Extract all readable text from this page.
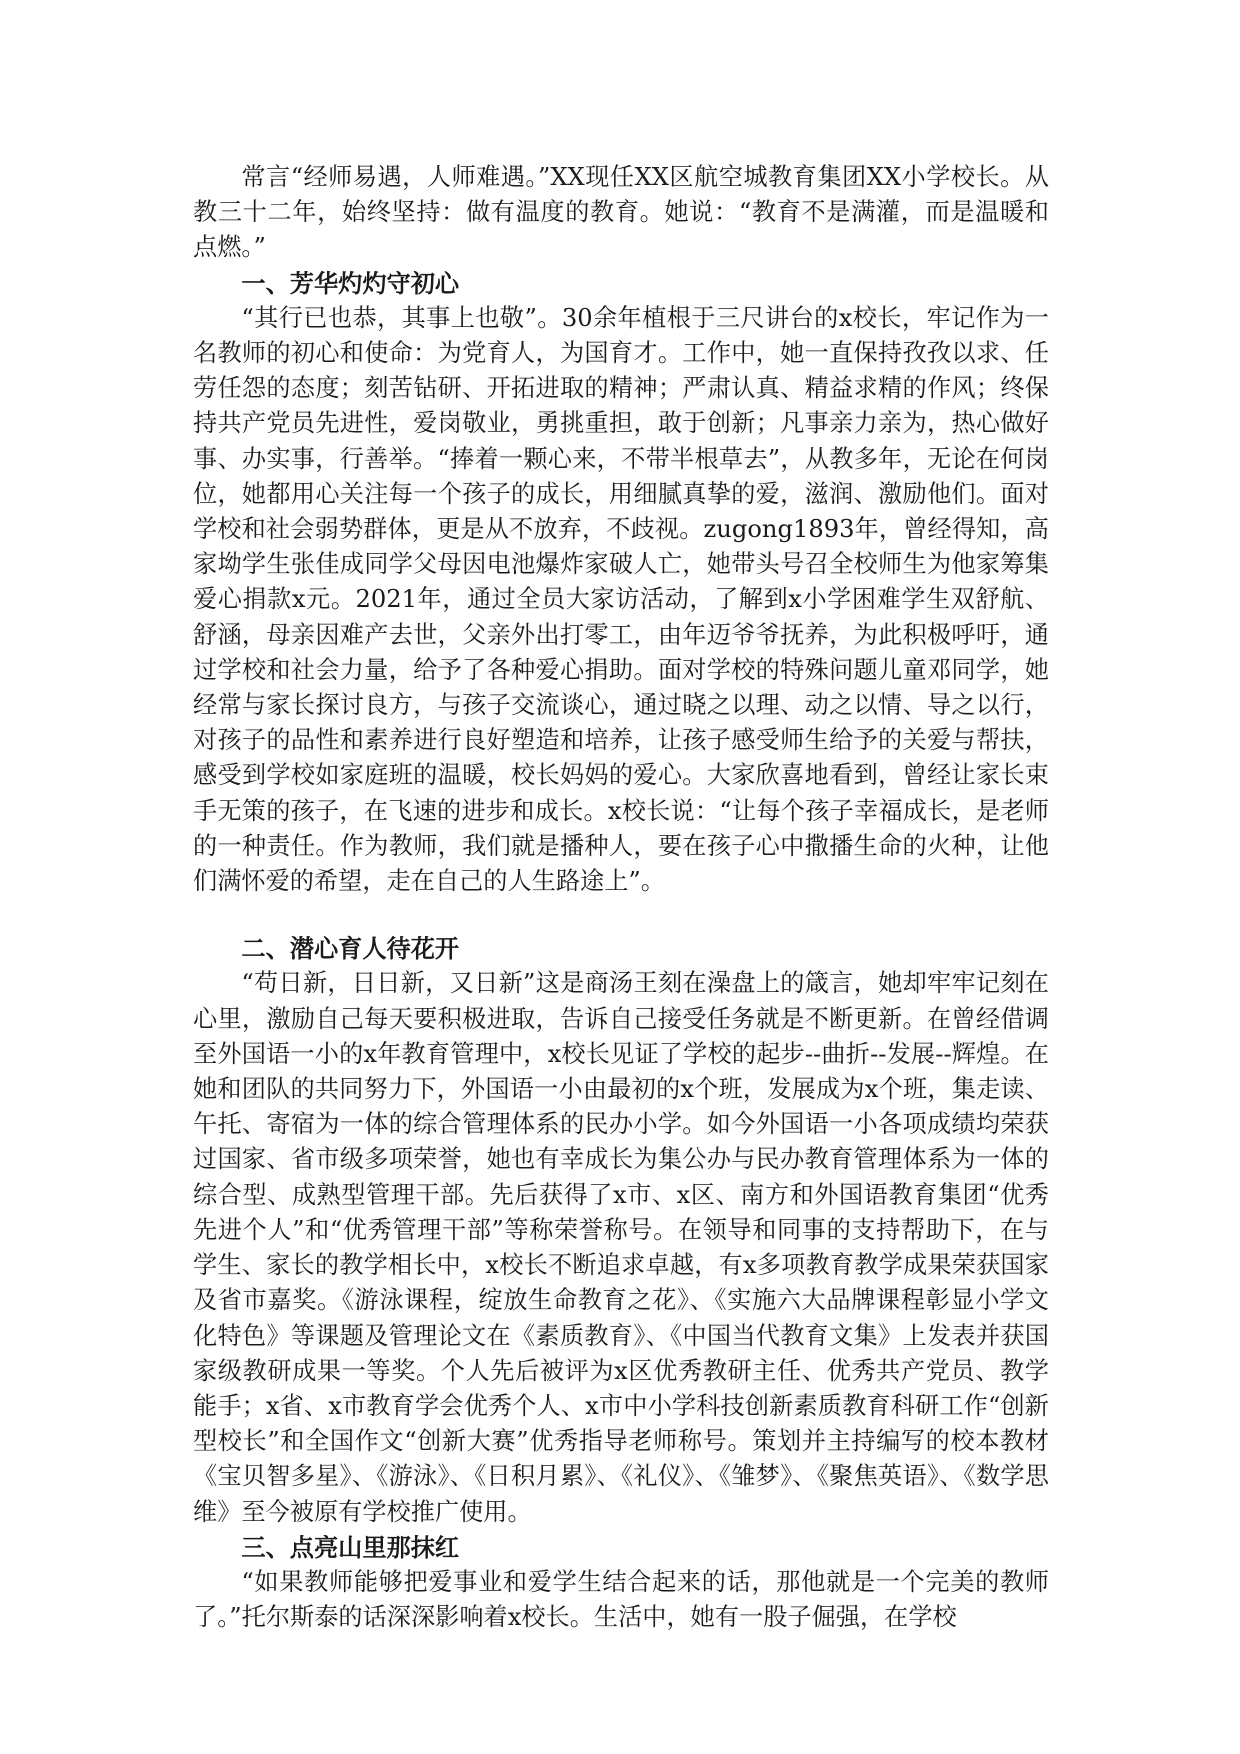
常言“经师易遇，人师难遇。”XX现任XX区航空城教育集团XX小学校长。从教三十二年，始终坚持：做有温度的教育。她说：“教育不是满灌，而是温暖和点燃。”

一、芳华灼灼守初心

“其行已也恭，其事上也敬”。30余年植根于三尺讲台的x校长，牢记作为一名教师的初心和使命：为党育人，为国育才。工作中，她一直保持孜孜以求、任劳任怨的态度；刻苦钻研、开拓进取的精神；严肃认真、精益求精的作风；终保持共产党员先进性，爱岗敬业，勇挑重担，敢于创新；凡事亲力亲为，热心做好事、办实事，行善举。“捧着一颗心来，不带半根草去”，从教多年，无论在何岗位，她都用心关注每一个孩子的成长，用细腻真挚的爱，滋润、激励他们。面对学校和社会弱势群体，更是从不放弃，不歧视。zugong1893年，曾经得知，高家坳学生张佳成同学父母因电池爆炸家破人亡，她带头号召全校师生为他家筹集爱心捐款x元。2021年，通过全员大家访活动，了解到x小学困难学生双舒航、舒涵，母亲因难产去世，父亲外出打零工，由年迈爷爷抚养，为此积极呼吁，通过学校和社会力量，给予了各种爱心捐助。面对学校的特殊问题儿童邓同学，她经常与家长探讨良方，与孩子交流谈心，通过晓之以理、动之以情、导之以行，对孩子的品性和素养进行良好塑造和培养，让孩子感受师生给予的关爱与帮扶，感受到学校如家庭班的温暖，校长妈妈的爱心。大家欣喜地看到，曾经让家长束手无策的孩子，在飞速的进步和成长。x校长说：“让每个孩子幸福成长，是老师的一种责任。作为教师，我们就是播种人，要在孩子心中撒播生命的火种，让他们满怀爱的希望，走在自己的人生路途上”。

二、潜心育人待花开

“苟日新，日日新，又日新”这是商汤王刻在澡盘上的箴言，她却牢牢记刻在心里，激励自己每天要积极进取，告诉自己接受任务就是不断更新。在曾经借调至外国语一小的x年教育管理中，x校长见证了学校的起步--曲折--发展--辉煌。在她和团队的共同努力下，外国语一小由最初的x个班，发展成为x个班，集走读、午托、寄宿为一体的综合管理体系的民办小学。如今外国语一小各项成绩均荣获过国家、省市级多项荣誉，她也有幸成长为集公办与民办教育管理体系为一体的综合型、成熟型管理干部。先后获得了x市、x区、南方和外国语教育集团“优秀先进个人”和“优秀管理干部”等称荣誉称号。在领导和同事的支持帮助下，在与学生、家长的教学相长中，x校长不断追求卓越，有x多项教育教学成果荣获国家及省市嘉奖。《游泳课程，绽放生命教育之花》、《实施六大品牌课程彰显小学文化特色》等课题及管理论文在《素质教育》、《中国当代教育文集》上发表并获国家级教研成果一等奖。个人先后被评为x区优秀教研主任、优秀共产党员、教学能手；x省、x市教育学会优秀个人、x市中小学科技创新素质教育科研工作“创新型校长”和全国作文“创新大赛”优秀指导老师称号。策划并主持编写的校本教材《宝贝智多星》、《游泳》、《日积月累》、《礼仪》、《雏梦》、《聚焦英语》、《数学思维》至今被原有学校推广使用。

三、点亮山里那抹红

“如果教师能够把爱事业和爱学生结合起来的话，那他就是一个完美的教师了。”托尔斯泰的话深深影响着x校长。生活中，她有一股子倔强，在学校
